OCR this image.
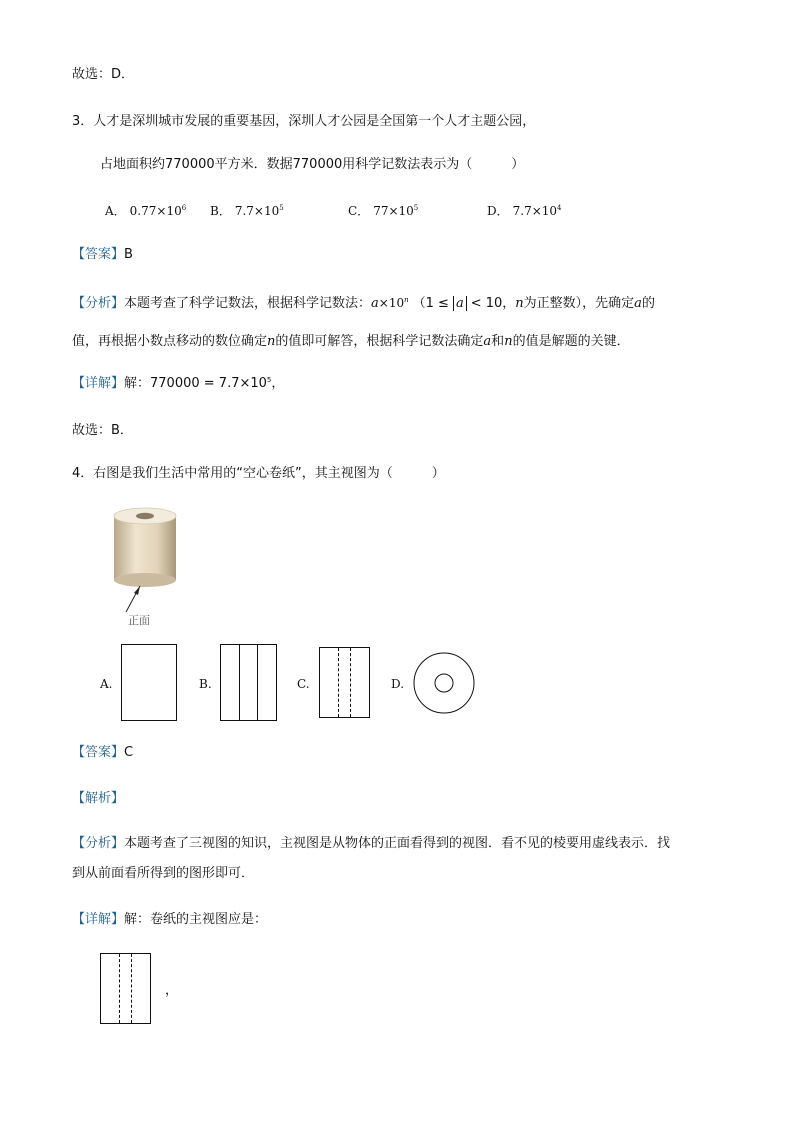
故选：D．
3．人才是深圳城市发展的重要基因，深圳人才公园是全国第一个人才主题公园，
占地面积约770000平方米．数据770000用科学记数法表示为（　　　）
A． $0.77\times 10^6$ B． $7.7\times 10^5$	C． $77\times 10^5$	D． $7.7\times 10^4$
【答案】B
【分析】本题考查了科学记数法，根据科学记数法：$a\times 10^n$ （1 ≤ a < 10，n为正整数），先确定a的
值，再根据小数点移动的数位确定n的值即可解答，根据科学记数法确定a和n的值是解题的关键．
【详解】解：$770000 = 7.7\times 10^5$，
故选：B．
4．右图是我们生活中常用的“空心卷纸”，其主视图为（　　　）
正面
A.	B.	C.	D.
【答案】C
【解析】
【分析】本题考查了三视图的知识，主视图是从物体的正面看得到的视图．看不见的棱要用虚线表示．找
到从前面看所得到的图形即可．
【详解】解：卷纸的主视图应是：
，
